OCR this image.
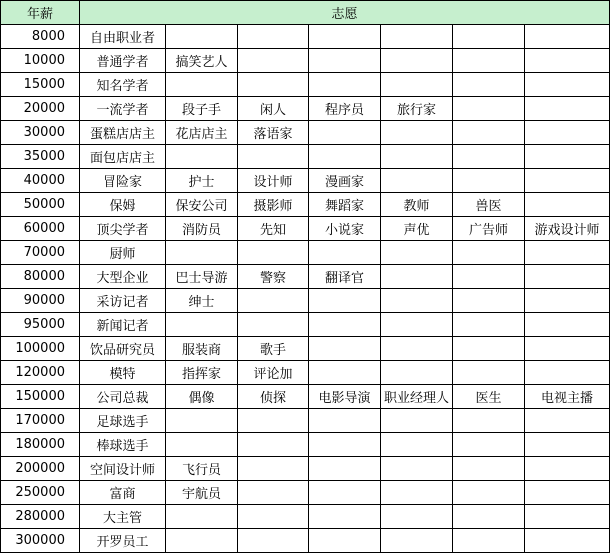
年薪	志愿						
8000	自由职业者						
10000	普通学者	搞笑艺人					
15000	知名学者						
20000	一流学者	段子手	闲人	程序员	旅行家		
30000	蛋糕店店主	花店店主	落语家				
35000	面包店店主						
40000	冒险家	护士	设计师	漫画家			
50000	保姆	保安公司	摄影师	舞蹈家	教师	兽医	
60000	顶尖学者	消防员	先知	小说家	声优	广告师	游戏设计师
70000	厨师						
80000	大型企业	巴士导游	警察	翻译官			
90000	采访记者	绅士					
95000	新闻记者						
100000	饮品研究员	服装商	歌手				
120000	模特	指挥家	评论加				
150000	公司总裁	偶像	侦探	电影导演	职业经理人	医生	电视主播
170000	足球选手						
180000	棒球选手						
200000	空间设计师	飞行员					
250000	富商	宇航员					
280000	大主管						
300000	开罗员工						
